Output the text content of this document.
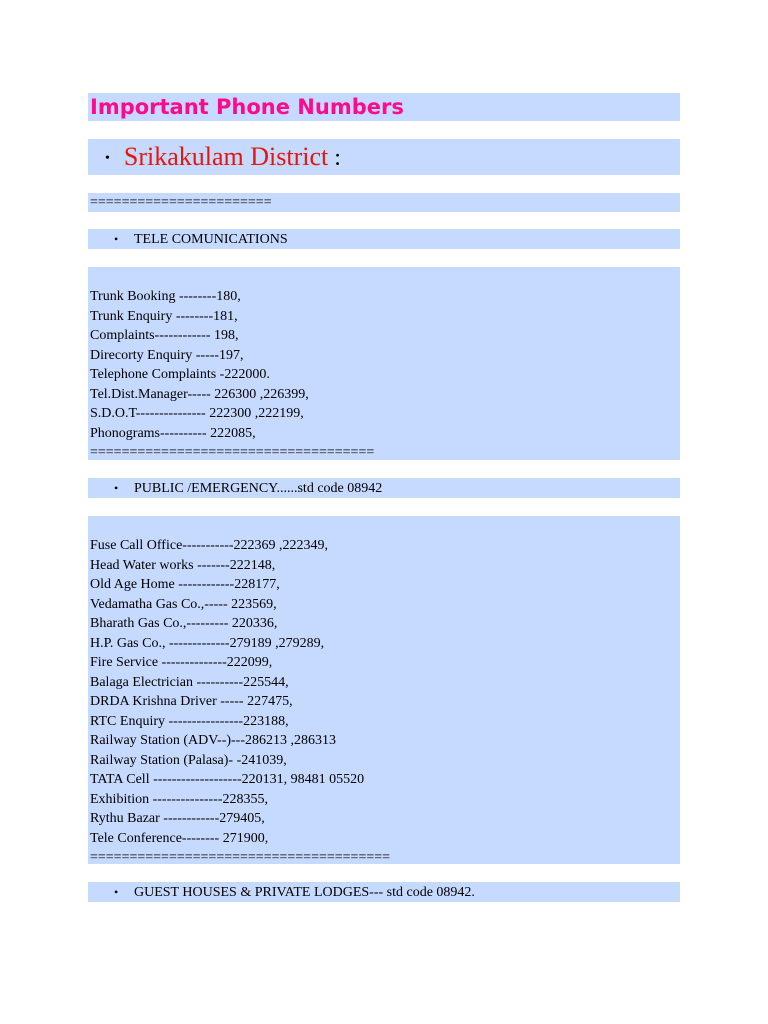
Important Phone Numbers
• Srikakulam District :
=======================
• TELE COMUNICATIONS
Trunk Booking --------180,
Trunk Enquiry --------181,
Complaints------------ 198,
Direcorty Enquiry -----197,
Telephone Complaints -222000.
Tel.Dist.Manager----- 226300 ,226399,
S.D.O.T--------------- 222300 ,222199,
Phonograms---------- 222085,
====================================
• PUBLIC /EMERGENCY......std code 08942
Fuse Call Office-----------222369 ,222349,
Head Water works -------222148,
Old Age Home ------------228177,
Vedamatha Gas Co.,----- 223569,
Bharath Gas Co.,--------- 220336,
H.P. Gas Co., -------------279189 ,279289,
Fire Service --------------222099,
Balaga Electrician ----------225544,
DRDA Krishna Driver ----- 227475,
RTC Enquiry ----------------223188,
Railway Station (ADV--)---286213 ,286313
Railway Station (Palasa)- -241039,
TATA Cell -------------------220131, 98481 05520
Exhibition ---------------228355,
Rythu Bazar ------------279405,
Tele Conference-------- 271900,
======================================
• GUEST HOUSES & PRIVATE LODGES--- std code 08942.
